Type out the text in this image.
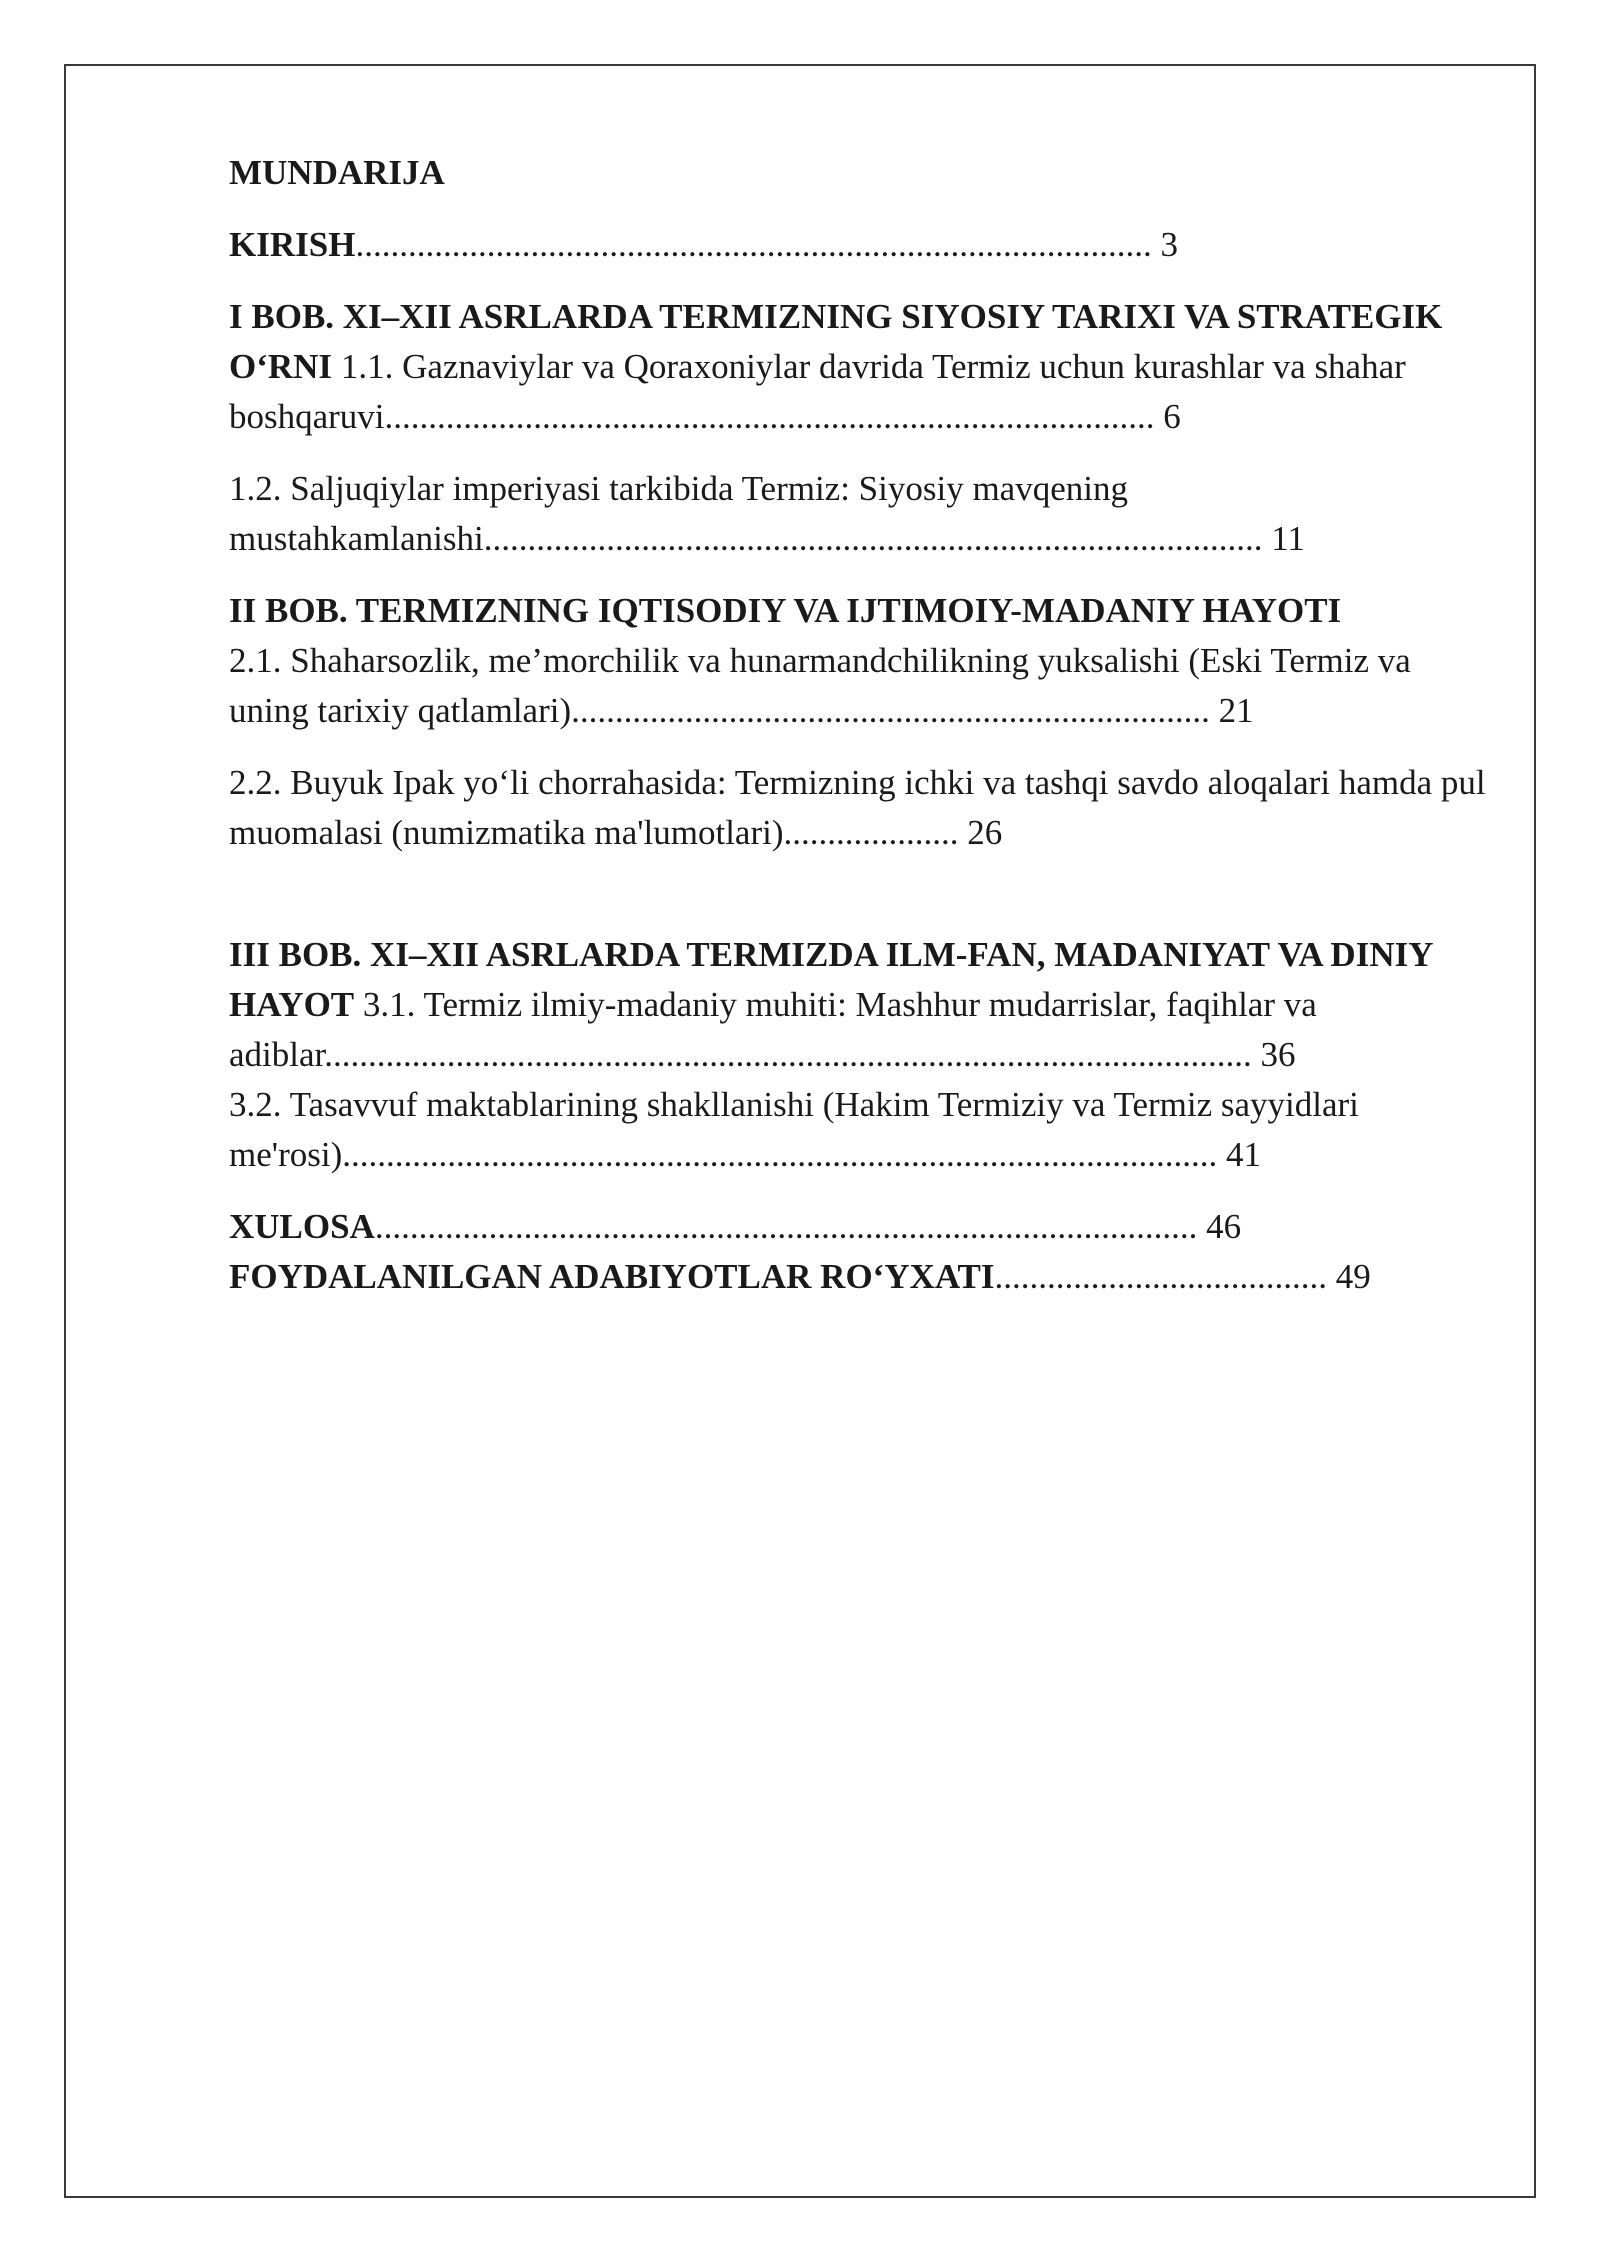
MUNDARIJA

KIRISH........................................................................................... 3

I BOB. XI–XII ASRLARDA TERMIZNING SIYOSIY TARIXI VA STRATEGIK O‘RNI 1.1. Gaznaviylar va Qoraxoniylar davrida Termiz uchun kurashlar va shahar
boshqaruvi........................................................................................ 6

1.2. Saljuqiylar imperiyasi tarkibida Termiz: Siyosiy mavqening
mustahkamlanishi......................................................................................... 11

II BOB. TERMIZNING IQTISODIY VA IJTIMOIY-MADANIY HAYOTI
2.1. Shaharsozlik, me’morchilik va hunarmandchilikning yuksalishi (Eski Termiz va uning tarixiy qatlamlari)......................................................................... 21

2.2. Buyuk Ipak yo‘li chorrahasida: Termizning ichki va tashqi savdo aloqalari hamda pul muomalasi (numizmatika ma'lumotlari).................... 26

III BOB. XI–XII ASRLARDA TERMIZDA ILM-FAN, MADANIYAT VA DINIY HAYOT 3.1. Termiz ilmiy-madaniy muhiti: Mashhur mudarrislar, faqihlar va adiblar.......................................................................................................... 36
3.2. Tasavvuf maktablarining shakllanishi (Hakim Termiziy va Termiz sayyidlari me'rosi).................................................................................................... 41

XULOSA.............................................................................................. 46
FOYDALANILGAN ADABIYOTLAR RO‘YXATI...................................... 49
